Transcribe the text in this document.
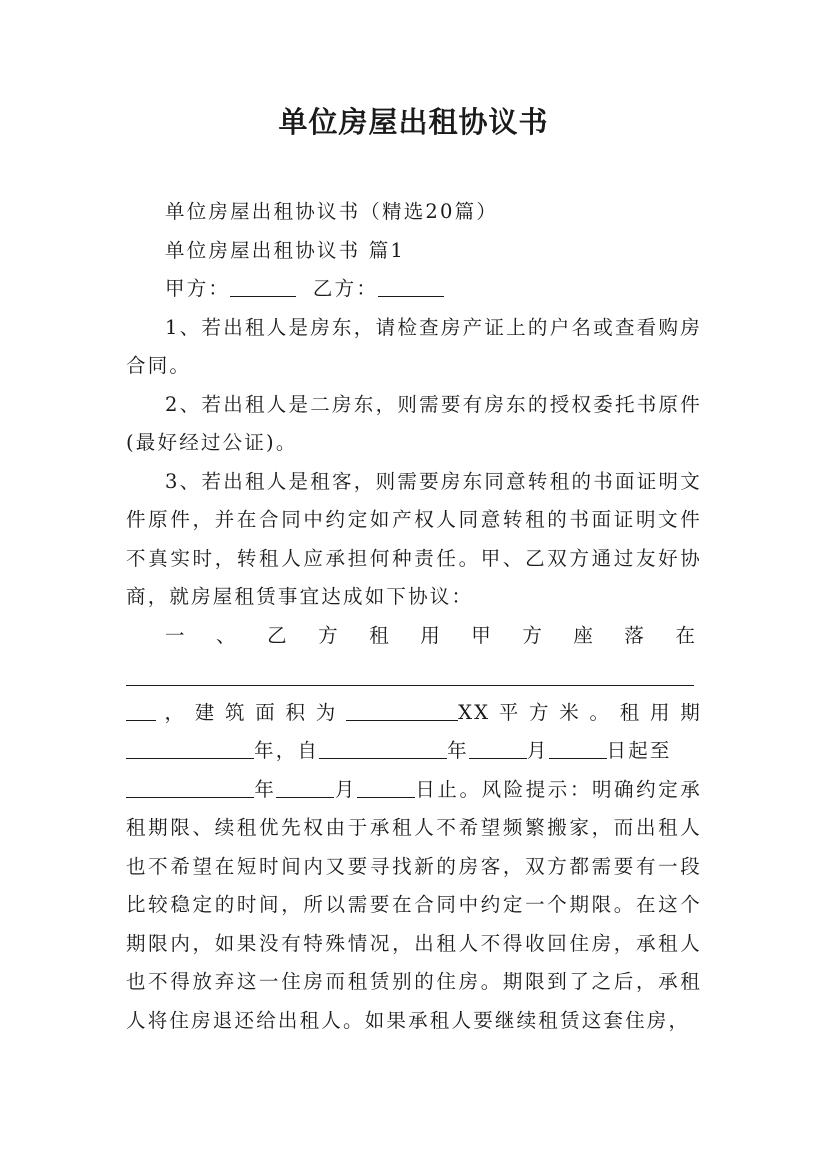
单位房屋出租协议书

单位房屋出租协议书（精选20篇）

单位房屋出租协议书 篇1

甲方：	乙方：

1、若出租人是房东，请检查房产证上的户名或查看购房合同。

2、若出租人是二房东，则需要有房东的授权委托书原件(最好经过公证)。

3、若出租人是租客，则需要房东同意转租的书面证明文件原件，并在合同中约定如产权人同意转租的书面证明文件不真实时，转租人应承担何种责任。甲、乙双方通过友好协商，就房屋租赁事宜达成如下协议：

一、乙方租用甲方座落在

，建筑面积为	XX平方米。租用期
年，自	年	月	日起至
年	月	日止。风险提示：明确约定承租期限、续租优先权由于承租人不希望频繁搬家，而出租人也不希望在短时间内又要寻找新的房客，双方都需要有一段比较稳定的时间，所以需要在合同中约定一个期限。在这个期限内，如果没有特殊情况，出租人不得收回住房，承租人也不得放弃这一住房而租赁别的住房。期限到了之后，承租人将住房退还给出租人。如果承租人要继续租赁这套住房，
